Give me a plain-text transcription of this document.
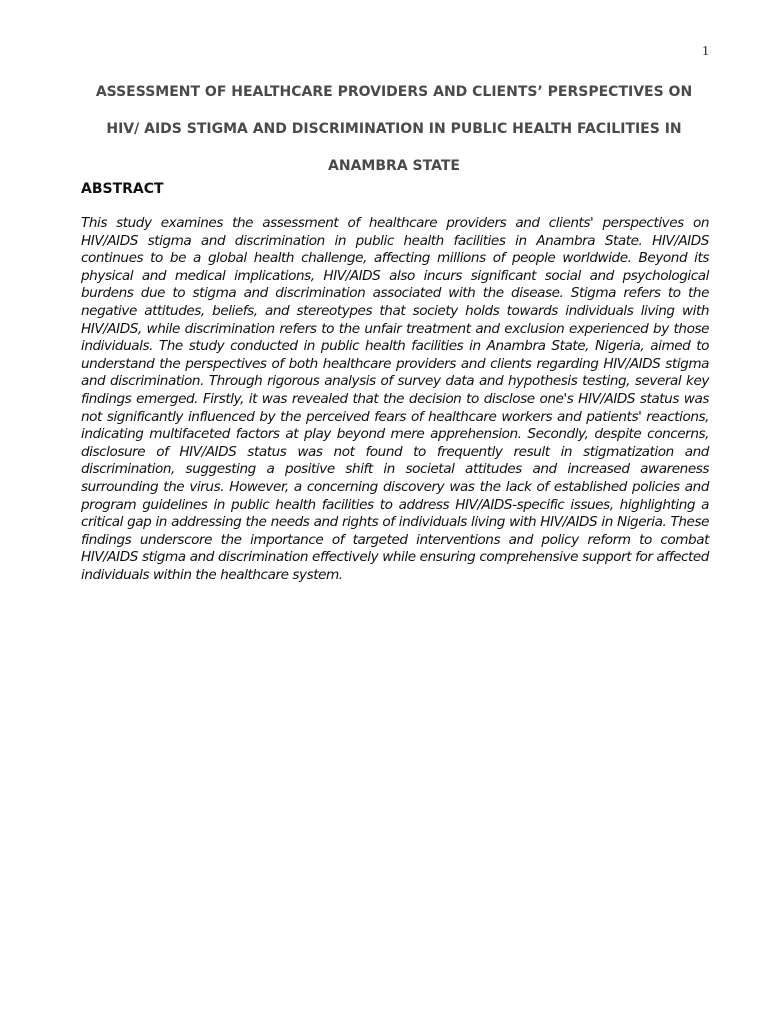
1
ASSESSMENT OF HEALTHCARE PROVIDERS AND CLIENTS’ PERSPECTIVES ON
HIV/ AIDS STIGMA AND DISCRIMINATION IN PUBLIC HEALTH FACILITIES IN
ANAMBRA STATE
ABSTRACT

This study examines the assessment of healthcare providers and clients' perspectives on HIV/AIDS stigma and discrimination in public health facilities in Anambra State. HIV/AIDS continues to be a global health challenge, affecting millions of people worldwide. Beyond its physical and medical implications, HIV/AIDS also incurs significant social and psychological burdens due to stigma and discrimination associated with the disease. Stigma refers to the negative attitudes, beliefs, and stereotypes that society holds towards individuals living with HIV/AIDS, while discrimination refers to the unfair treatment and exclusion experienced by those individuals. The study conducted in public health facilities in Anambra State, Nigeria, aimed to understand the perspectives of both healthcare providers and clients regarding HIV/AIDS stigma and discrimination. Through rigorous analysis of survey data and hypothesis testing, several key findings emerged. Firstly, it was revealed that the decision to disclose one's HIV/AIDS status was not significantly influenced by the perceived fears of healthcare workers and patients' reactions, indicating multifaceted factors at play beyond mere apprehension. Secondly, despite concerns, disclosure of HIV/AIDS status was not found to frequently result in stigmatization and discrimination, suggesting a positive shift in societal attitudes and increased awareness surrounding the virus. However, a concerning discovery was the lack of established policies and program guidelines in public health facilities to address HIV/AIDS-specific issues, highlighting a critical gap in addressing the needs and rights of individuals living with HIV/AIDS in Nigeria. These findings underscore the importance of targeted interventions and policy reform to combat HIV/AIDS stigma and discrimination effectively while ensuring comprehensive support for affected individuals within the healthcare system.
